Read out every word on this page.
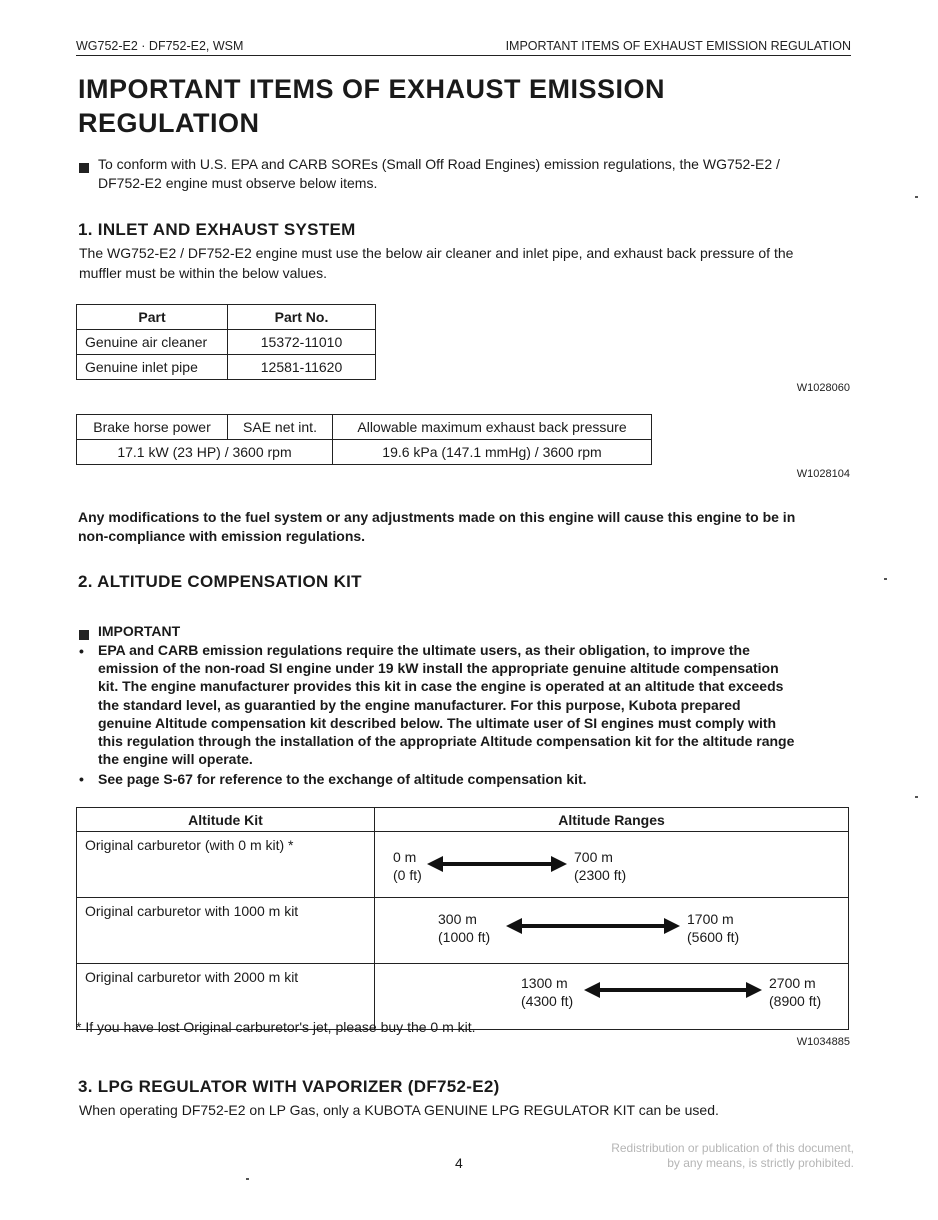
WG752-E2 · DF752-E2, WSM	IMPORTANT ITEMS OF EXHAUST EMISSION REGULATION
IMPORTANT ITEMS OF EXHAUST EMISSION
REGULATION
To conform with U.S. EPA and CARB SOREs (Small Off Road Engines) emission regulations, the WG752-E2 /
DF752-E2 engine must observe below items.
1. INLET AND EXHAUST SYSTEM
The WG752-E2 / DF752-E2 engine must use the below air cleaner and inlet pipe, and exhaust back pressure of the
muffler must be within the below values.
Part	Part No.
Genuine air cleaner	15372-11010
Genuine inlet pipe	12581-11620
W1028060
Brake horse power	SAE net int.	Allowable maximum exhaust back pressure
17.1 kW (23 HP) / 3600 rpm		19.6 kPa (147.1 mmHg) / 3600 rpm
W1028104
Any modifications to the fuel system or any adjustments made on this engine will cause this engine to be in
non-compliance with emission regulations.
2. ALTITUDE COMPENSATION KIT
IMPORTANT
• EPA and CARB emission regulations require the ultimate users, as their obligation, to improve the
emission of the non-road SI engine under 19 kW install the appropriate genuine altitude compensation
kit. The engine manufacturer provides this kit in case the engine is operated at an altitude that exceeds
the standard level, as guarantied by the engine manufacturer. For this purpose, Kubota prepared
genuine Altitude compensation kit described below. The ultimate user of SI engines must comply with
this regulation through the installation of the appropriate Altitude compensation kit for the altitude range
the engine will operate.
• See page S-67 for reference to the exchange of altitude compensation kit.
Altitude Kit	Altitude Ranges
Original carburetor (with 0 m kit) *	0 m
(0 ft)
700 m
(2300 ft)

Original carburetor with 1000 m kit	300 m
(1000 ft)
1700 m
(5600 ft)

Original carburetor with 2000 m kit	1300 m
(4300 ft)
2700 m
(8900 ft)
* If you have lost Original carburetor's jet, please buy the 0 m kit.
W1034885
3. LPG REGULATOR WITH VAPORIZER (DF752-E2)
When operating DF752-E2 on LP Gas, only a KUBOTA GENUINE LPG REGULATOR KIT can be used.
Redistribution or publication of this document,
by any means, is strictly prohibited.
4
